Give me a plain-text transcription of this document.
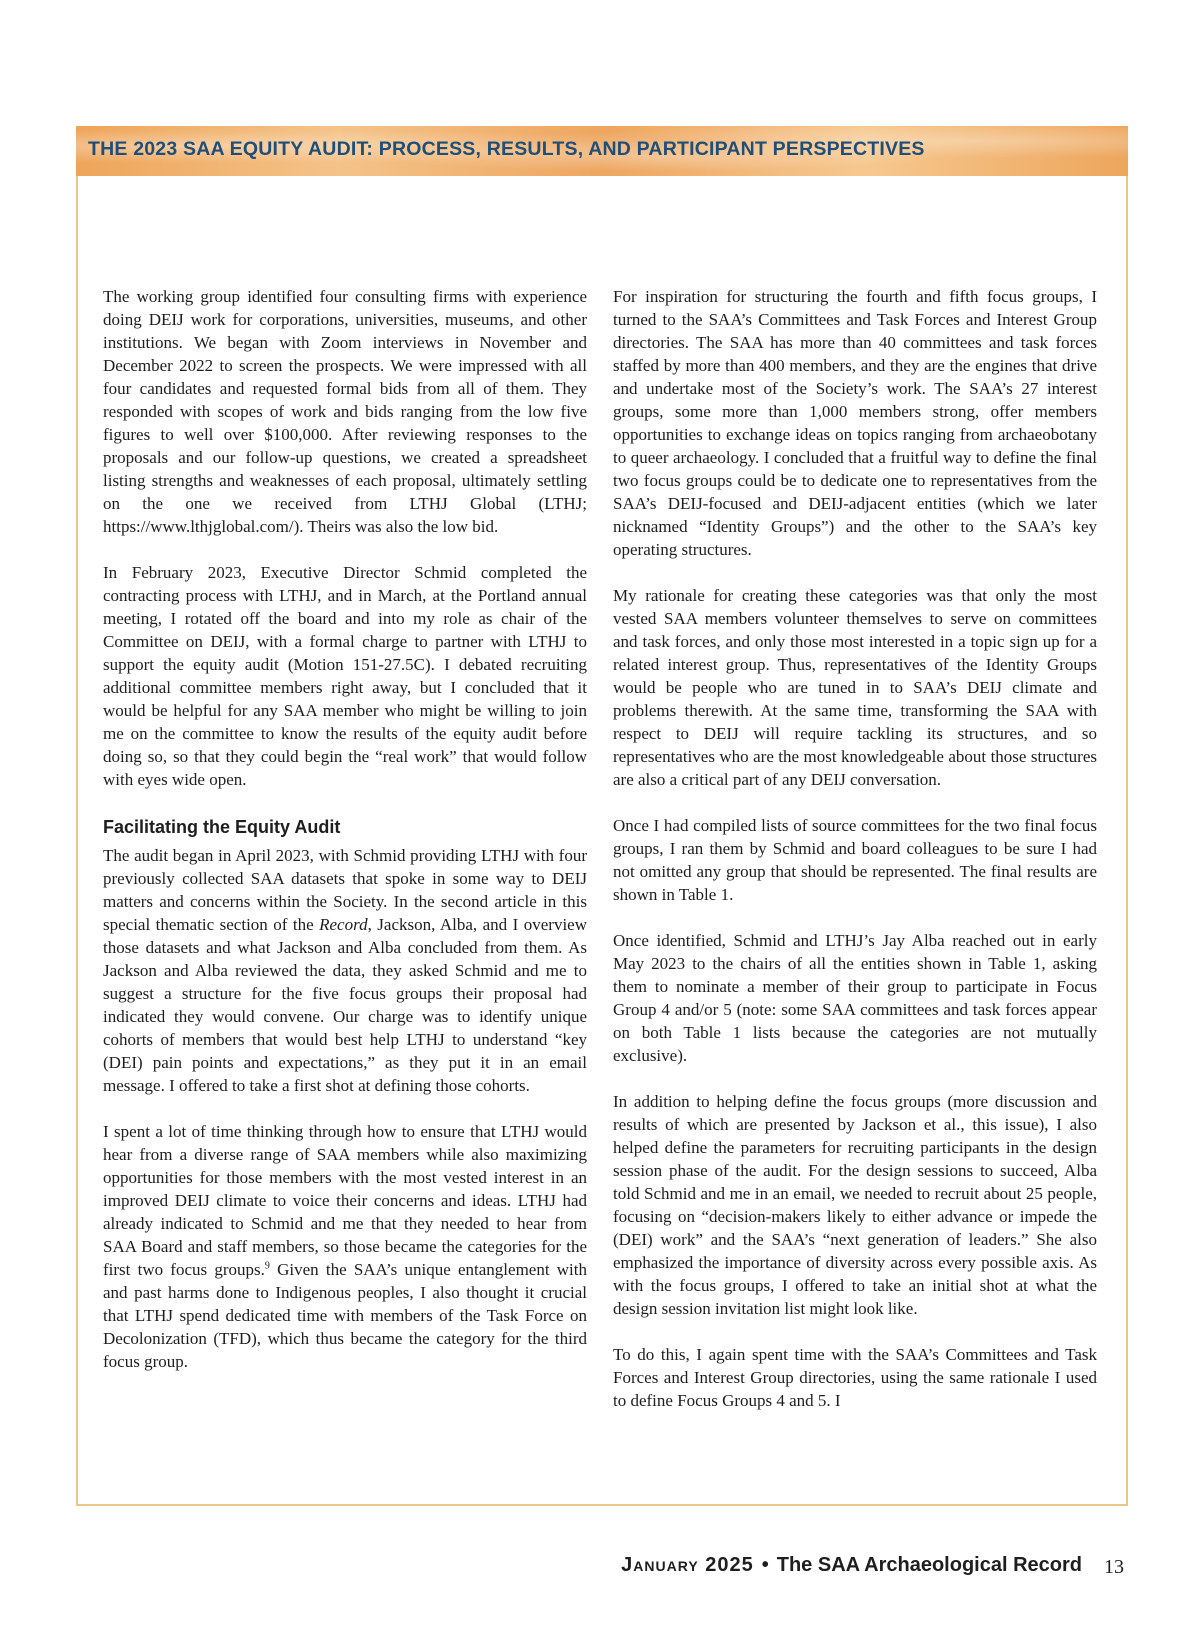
THE 2023 SAA EQUITY AUDIT: PROCESS, RESULTS, AND PARTICIPANT PERSPECTIVES

The working group identified four consulting firms with experience doing DEIJ work for corporations, universities, museums, and other institutions. We began with Zoom interviews in November and December 2022 to screen the prospects. We were impressed with all four candidates and requested formal bids from all of them. They responded with scopes of work and bids ranging from the low five figures to well over $100,000. After reviewing responses to the proposals and our follow-up questions, we created a spreadsheet listing strengths and weaknesses of each proposal, ultimately settling on the one we received from LTHJ Global (LTHJ; https://www.lthjglobal.com/). Theirs was also the low bid.

In February 2023, Executive Director Schmid completed the contracting process with LTHJ, and in March, at the Portland annual meeting, I rotated off the board and into my role as chair of the Committee on DEIJ, with a formal charge to partner with LTHJ to support the equity audit (Motion 151-27.5C). I debated recruiting additional committee members right away, but I concluded that it would be helpful for any SAA member who might be willing to join me on the committee to know the results of the equity audit before doing so, so that they could begin the “real work” that would follow with eyes wide open.

Facilitating the Equity Audit

The audit began in April 2023, with Schmid providing LTHJ with four previously collected SAA datasets that spoke in some way to DEIJ matters and concerns within the Society. In the second article in this special thematic section of the Record, Jackson, Alba, and I overview those datasets and what Jackson and Alba concluded from them. As Jackson and Alba reviewed the data, they asked Schmid and me to suggest a structure for the five focus groups their proposal had indicated they would convene. Our charge was to identify unique cohorts of members that would best help LTHJ to understand “key (DEI) pain points and expectations,” as they put it in an email message. I offered to take a first shot at defining those cohorts.

I spent a lot of time thinking through how to ensure that LTHJ would hear from a diverse range of SAA members while also maximizing opportunities for those members with the most vested interest in an improved DEIJ climate to voice their concerns and ideas. LTHJ had already indicated to Schmid and me that they needed to hear from SAA Board and staff members, so those became the categories for the first two focus groups.$^9$ Given the SAA’s unique entanglement with and past harms done to Indigenous peoples, I also thought it crucial that LTHJ spend dedicated time with members of the Task Force on Decolonization (TFD), which thus became the category for the third focus group.

For inspiration for structuring the fourth and fifth focus groups, I turned to the SAA’s Committees and Task Forces and Interest Group directories. The SAA has more than 40 committees and task forces staffed by more than 400 members, and they are the engines that drive and undertake most of the Society’s work. The SAA’s 27 interest groups, some more than 1,000 members strong, offer members opportunities to exchange ideas on topics ranging from archaeobotany to queer archaeology. I concluded that a fruitful way to define the final two focus groups could be to dedicate one to representatives from the SAA’s DEIJ-focused and DEIJ-adjacent entities (which we later nicknamed “Identity Groups”) and the other to the SAA’s key operating structures.

My rationale for creating these categories was that only the most vested SAA members volunteer themselves to serve on committees and task forces, and only those most interested in a topic sign up for a related interest group. Thus, representatives of the Identity Groups would be people who are tuned in to SAA’s DEIJ climate and problems therewith. At the same time, transforming the SAA with respect to DEIJ will require tackling its structures, and so representatives who are the most knowledgeable about those structures are also a critical part of any DEIJ conversation.

Once I had compiled lists of source committees for the two final focus groups, I ran them by Schmid and board colleagues to be sure I had not omitted any group that should be represented. The final results are shown in Table 1.

Once identified, Schmid and LTHJ’s Jay Alba reached out in early May 2023 to the chairs of all the entities shown in Table 1, asking them to nominate a member of their group to participate in Focus Group 4 and/or 5 (note: some SAA committees and task forces appear on both Table 1 lists because the categories are not mutually exclusive).

In addition to helping define the focus groups (more discussion and results of which are presented by Jackson et al., this issue), I also helped define the parameters for recruiting participants in the design session phase of the audit. For the design sessions to succeed, Alba told Schmid and me in an email, we needed to recruit about 25 people, focusing on “decision-makers likely to either advance or impede the (DEI) work” and the SAA’s “next generation of leaders.” She also emphasized the importance of diversity across every possible axis. As with the focus groups, I offered to take an initial shot at what the design session invitation list might look like.

To do this, I again spent time with the SAA’s Committees and Task Forces and Interest Group directories, using the same rationale I used to define Focus Groups 4 and 5. I

January 2025 • The SAA Archaeological Record 13
